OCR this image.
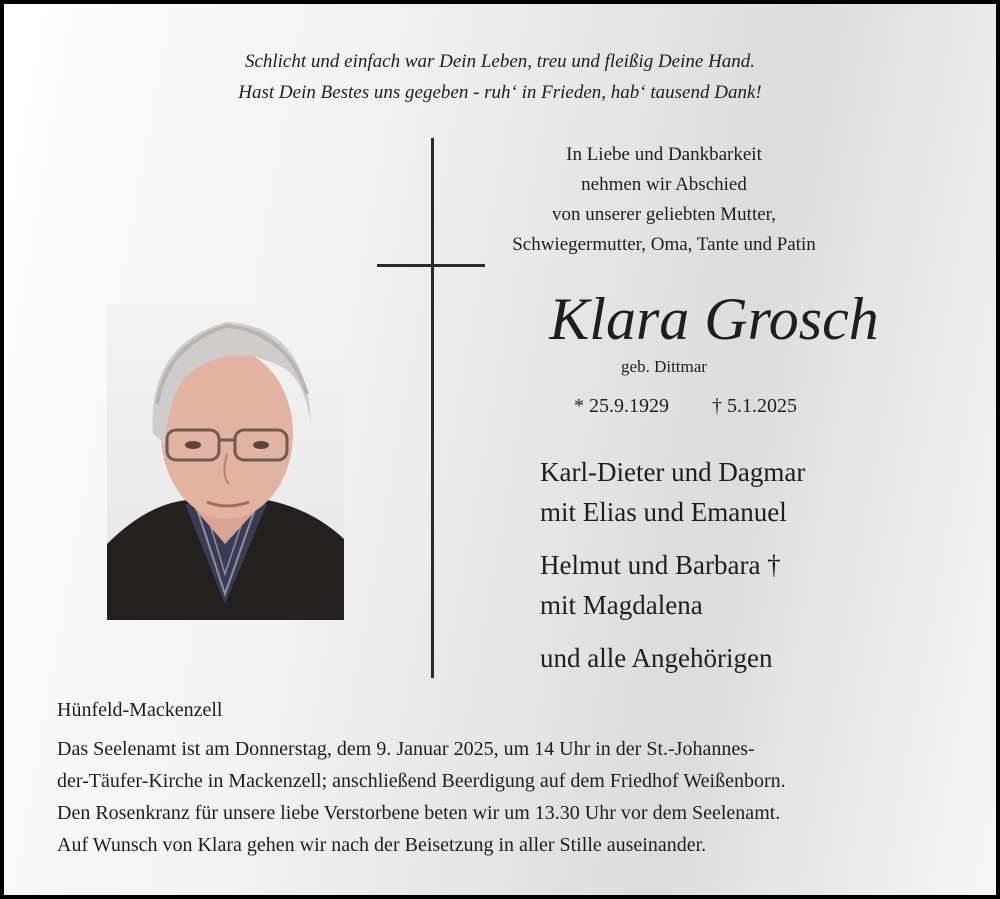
Schlicht und einfach war Dein Leben, treu und fleißig Deine Hand.
Hast Dein Bestes uns gegeben - ruh‘ in Frieden, hab‘ tausend Dank!
In Liebe und Dankbarkeit
nehmen wir Abschied
von unserer geliebten Mutter,
Schwiegermutter, Oma, Tante und Patin
Klara Grosch
geb. Dittmar
* 25.9.1929 † 5.1.2025

Karl-Dieter und Dagmar
mit Elias und Emanuel

Helmut und Barbara †
mit Magdalena

und alle Angehörigen

Hünfeld-Mackenzell

Das Seelenamt ist am Donnerstag, dem 9. Januar 2025, um 14 Uhr in der St.-Johannes-

der-Täufer-Kirche in Mackenzell; anschließend Beerdigung auf dem Friedhof Weißenborn.

Den Rosenkranz für unsere liebe Verstorbene beten wir um 13.30 Uhr vor dem Seelenamt.

Auf Wunsch von Klara gehen wir nach der Beisetzung in aller Stille auseinander.
